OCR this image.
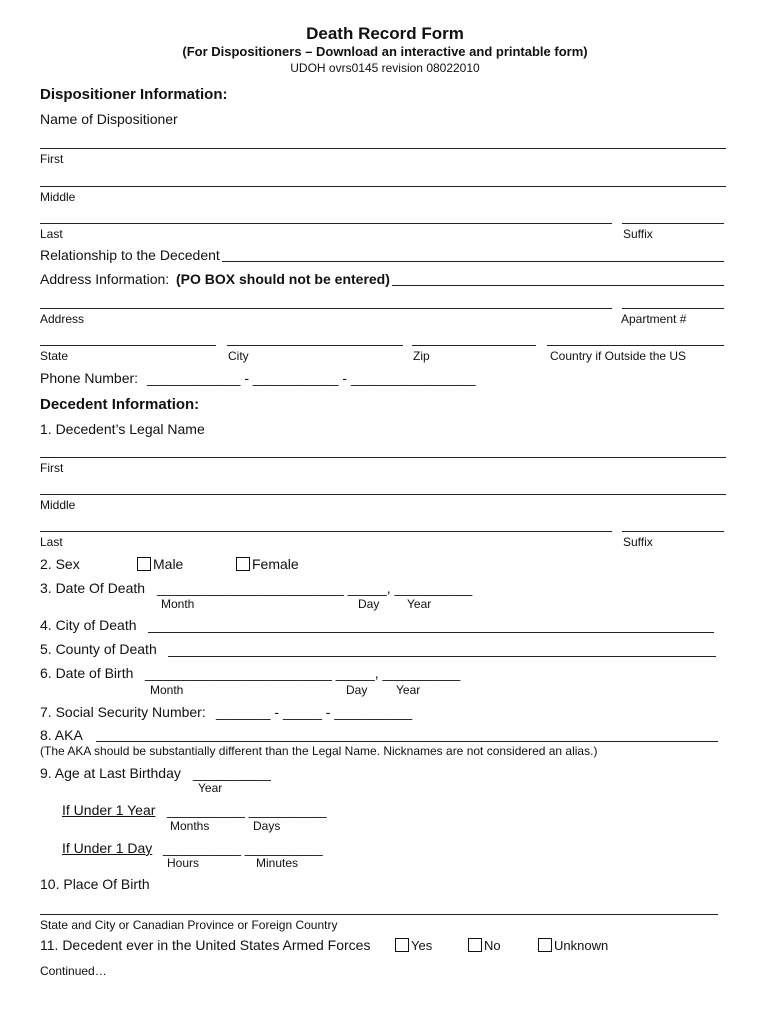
Death Record Form
(For Dispositioners – Download an interactive and printable form)
UDOH ovrs0145 revision 08022010
Dispositioner Information:
Name of Dispositioner
First
Middle
Last	Suffix
Relationship to the Decedent
Address Information: (PO BOX should not be entered)
Address	Apartment #
State	City	Zip	Country if Outside the US
Phone Number: ____________ - ___________ - ________________
Decedent Information:
1. Decedent’s Legal Name
First
Middle
Last	Suffix
2. Sex	Male	Female
3. Date Of Death ________________________ _____, __________
Month	Day Year
4. City of Death
5. County of Death
6. Date of Birth ________________________ _____, __________
Month	Day Year
7. Social Security Number: _______ - _____ - __________
8. AKA
(The AKA should be substantially different than the Legal Name. Nicknames are not considered an alias.)
9. Age at Last Birthday __________
Year
If Under 1 Year __________ __________
Months	Days
If Under 1 Day __________ __________
Hours	Minutes
10. Place Of Birth
State and City or Canadian Province or Foreign Country
11. Decedent ever in the United States Armed Forces	Yes	No	Unknown
Continued…
